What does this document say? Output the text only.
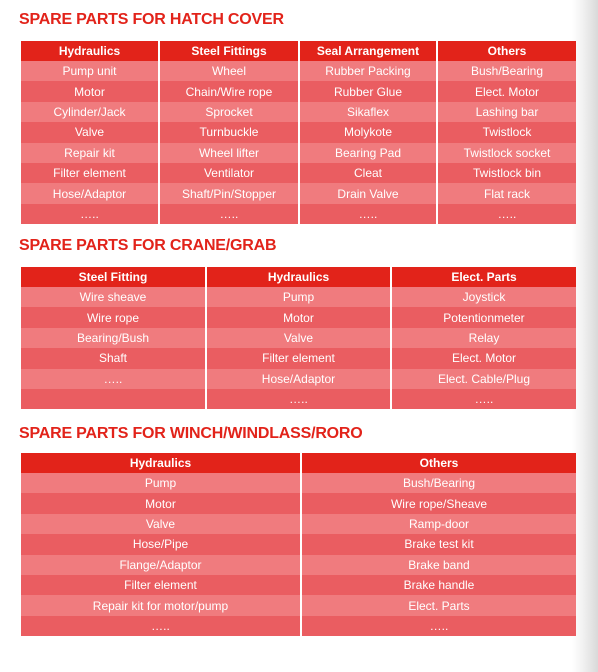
SPARE PARTS FOR HATCH COVER
Hydraulics	Steel Fittings	Seal Arrangement	Others
Pump unit	Wheel	Rubber Packing	Bush/Bearing
Motor	Chain/Wire rope	Rubber Glue	Elect. Motor
Cylinder/Jack	Sprocket	Sikaflex	Lashing bar
Valve	Turnbuckle	Molykote	Twistlock
Repair kit	Wheel lifter	Bearing Pad	Twistlock socket
Filter element	Ventilator	Cleat	Twistlock bin
Hose/Adaptor	Shaft/Pin/Stopper	Drain Valve	Flat rack
…..	…..	…..	…..
SPARE PARTS FOR CRANE/GRAB
Steel Fitting	Hydraulics	Elect. Parts
Wire sheave	Pump	Joystick
Wire rope	Motor	Potentionmeter
Bearing/Bush	Valve	Relay
Shaft	Filter element	Elect. Motor
…..	Hose/Adaptor	Elect. Cable/Plug
	…..	…..
SPARE PARTS FOR WINCH/WINDLASS/RORO
Hydraulics	Others
Pump	Bush/Bearing
Motor	Wire rope/Sheave
Valve	Ramp-door
Hose/Pipe	Brake test kit
Flange/Adaptor	Brake band
Filter element	Brake handle
Repair kit for motor/pump	Elect. Parts
…..	…..
